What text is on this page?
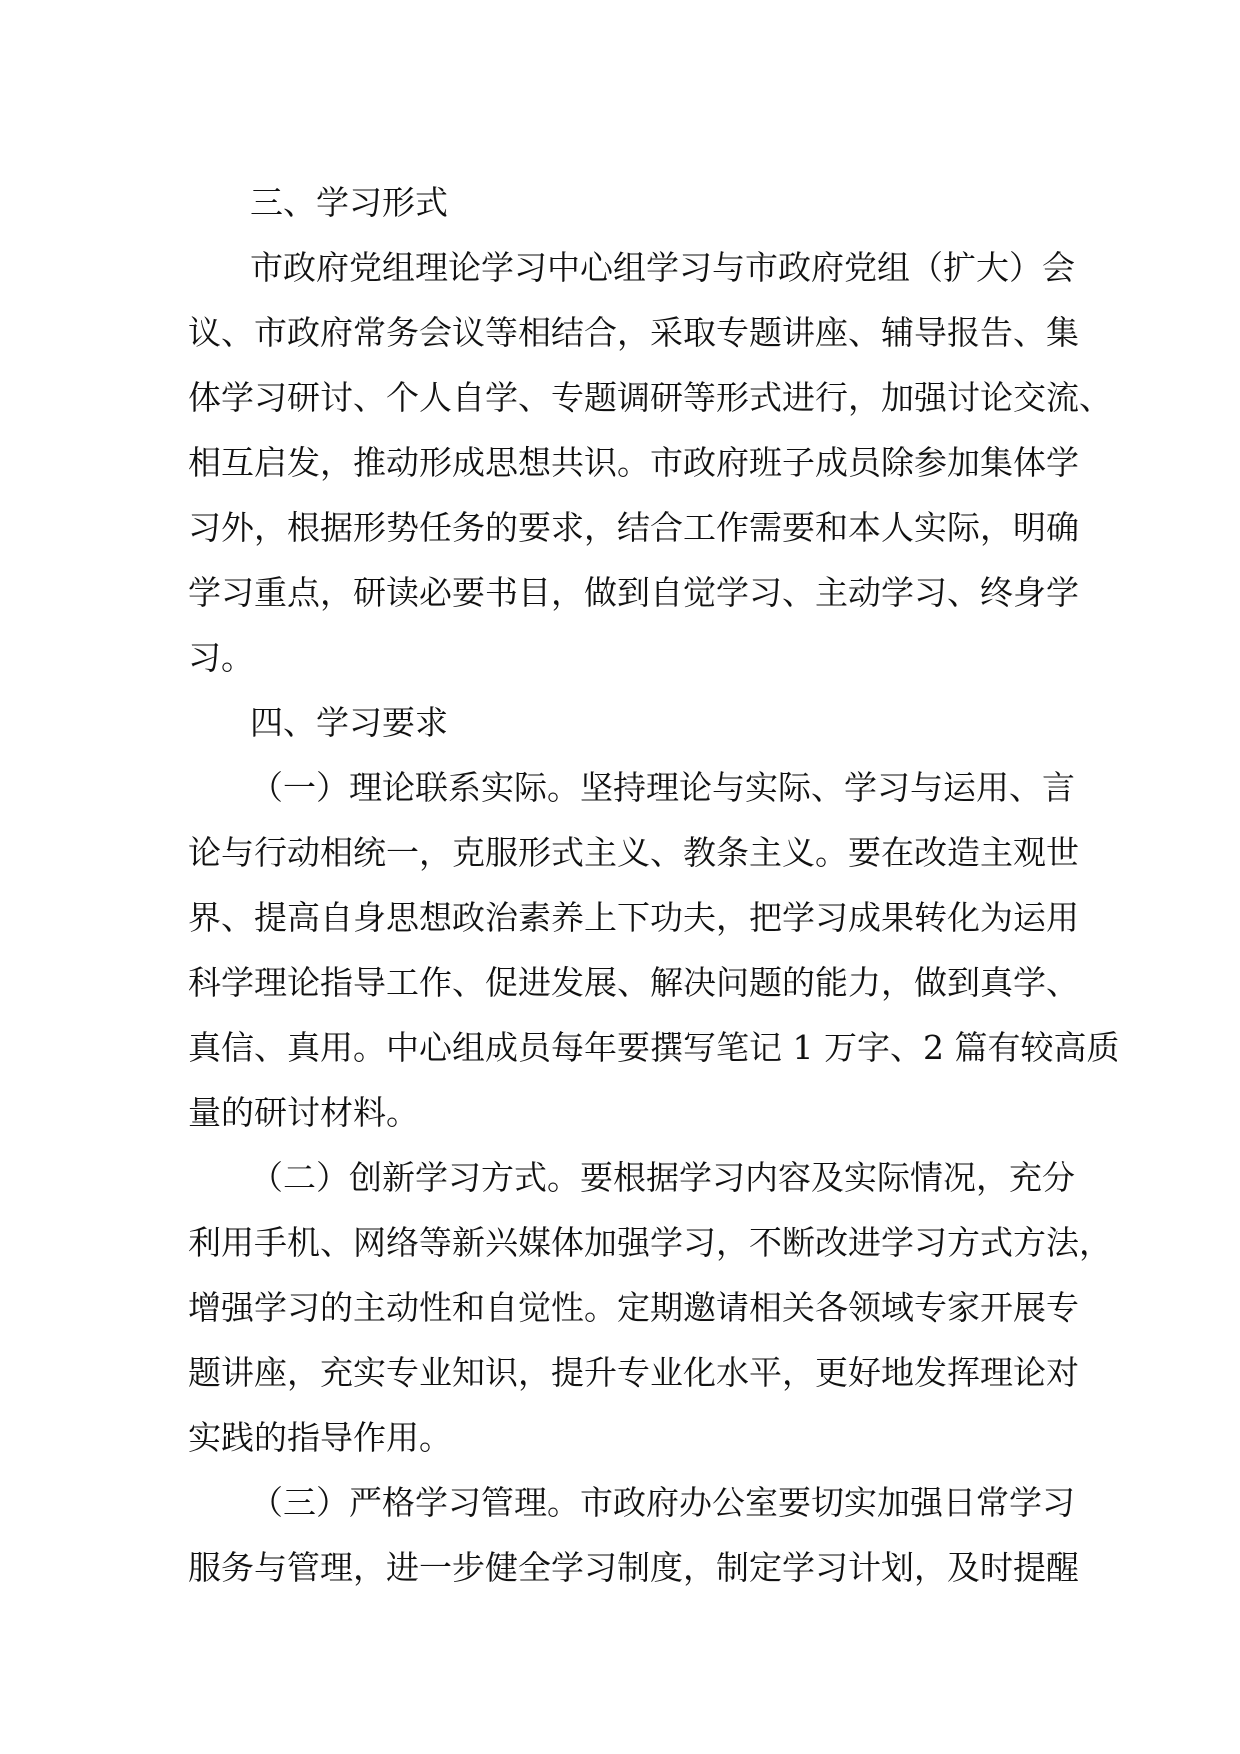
三、学习形式
市政府党组理论学习中心组学习与市政府党组（扩大）会
议、市政府常务会议等相结合，采取专题讲座、辅导报告、集
体学习研讨、个人自学、专题调研等形式进行，加强讨论交流、
相互启发，推动形成思想共识。市政府班子成员除参加集体学
习外，根据形势任务的要求，结合工作需要和本人实际，明确
学习重点，研读必要书目，做到自觉学习、主动学习、终身学
习。
四、学习要求
（一）理论联系实际。坚持理论与实际、学习与运用、言
论与行动相统一，克服形式主义、教条主义。要在改造主观世
界、提高自身思想政治素养上下功夫，把学习成果转化为运用
科学理论指导工作、促进发展、解决问题的能力，做到真学、
真信、真用。中心组成员每年要撰写笔记 1 万字、2 篇有较高质
量的研讨材料。
（二）创新学习方式。要根据学习内容及实际情况，充分
利用手机、网络等新兴媒体加强学习，不断改进学习方式方法，
增强学习的主动性和自觉性。定期邀请相关各领域专家开展专
题讲座，充实专业知识，提升专业化水平，更好地发挥理论对
实践的指导作用。
（三）严格学习管理。市政府办公室要切实加强日常学习
服务与管理，进一步健全学习制度，制定学习计划，及时提醒
